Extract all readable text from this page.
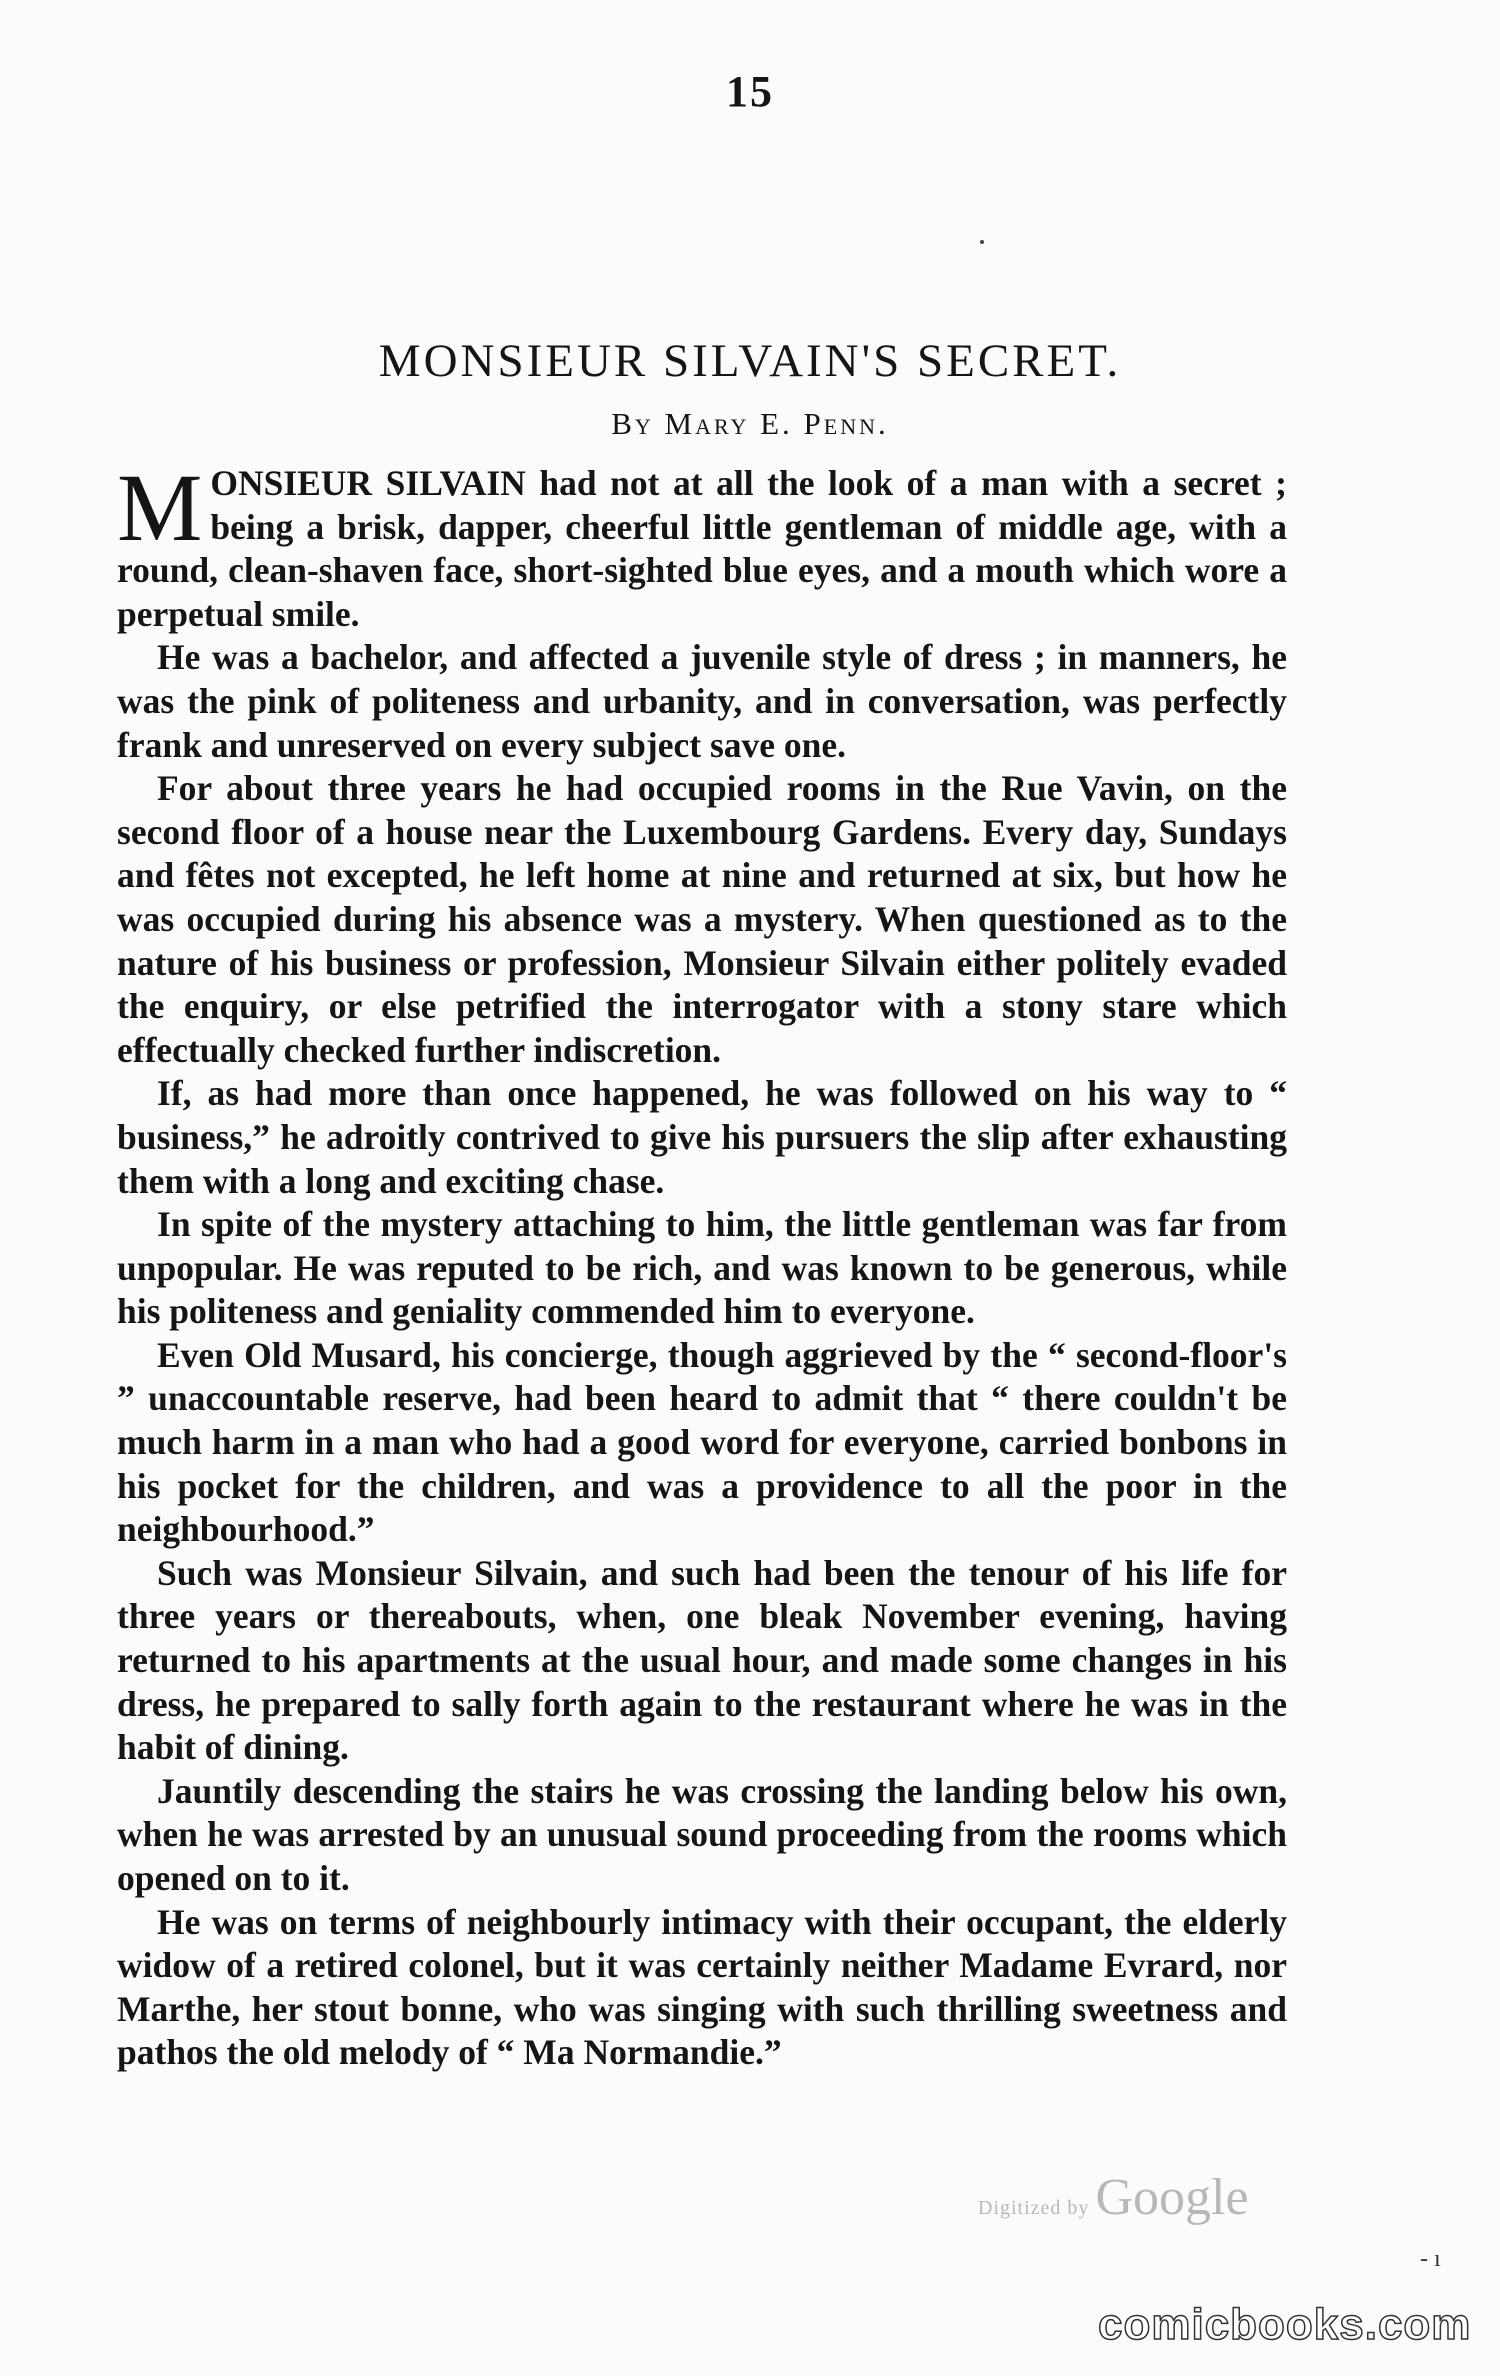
15
MONSIEUR SILVAIN'S SECRET.
By Mary E. Penn.

MONSIEUR SILVAIN had not at all the look of a man with a secret ; being a brisk, dapper, cheerful little gentleman of middle age, with a round, clean-shaven face, short-sighted blue eyes, and a mouth which wore a perpetual smile.

He was a bachelor, and affected a juvenile style of dress ; in manners, he was the pink of politeness and urbanity, and in conversation, was perfectly frank and unreserved on every subject save one.

For about three years he had occupied rooms in the Rue Vavin, on the second floor of a house near the Luxembourg Gardens. Every day, Sundays and fêtes not excepted, he left home at nine and returned at six, but how he was occupied during his absence was a mystery. When questioned as to the nature of his business or profession, Monsieur Silvain either politely evaded the enquiry, or else petrified the interrogator with a stony stare which effectually checked further indiscretion.

If, as had more than once happened, he was followed on his way to “ business,” he adroitly contrived to give his pursuers the slip after exhausting them with a long and exciting chase.

In spite of the mystery attaching to him, the little gentleman was far from unpopular. He was reputed to be rich, and was known to be generous, while his politeness and geniality commended him to everyone.

Even Old Musard, his concierge, though aggrieved by the “ second-floor's ” unaccountable reserve, had been heard to admit that “ there couldn't be much harm in a man who had a good word for everyone, carried bonbons in his pocket for the children, and was a providence to all the poor in the neighbourhood.”

Such was Monsieur Silvain, and such had been the tenour of his life for three years or thereabouts, when, one bleak November evening, having returned to his apartments at the usual hour, and made some changes in his dress, he prepared to sally forth again to the restaurant where he was in the habit of dining.

Jauntily descending the stairs he was crossing the landing below his own, when he was arrested by an unusual sound proceeding from the rooms which opened on to it.

He was on terms of neighbourly intimacy with their occupant, the elderly widow of a retired colonel, but it was certainly neither Madame Evrard, nor Marthe, her stout bonne, who was singing with such thrilling sweetness and pathos the old melody of “ Ma Normandie.”

Digitized by Google
- ı
comicbooks.com
